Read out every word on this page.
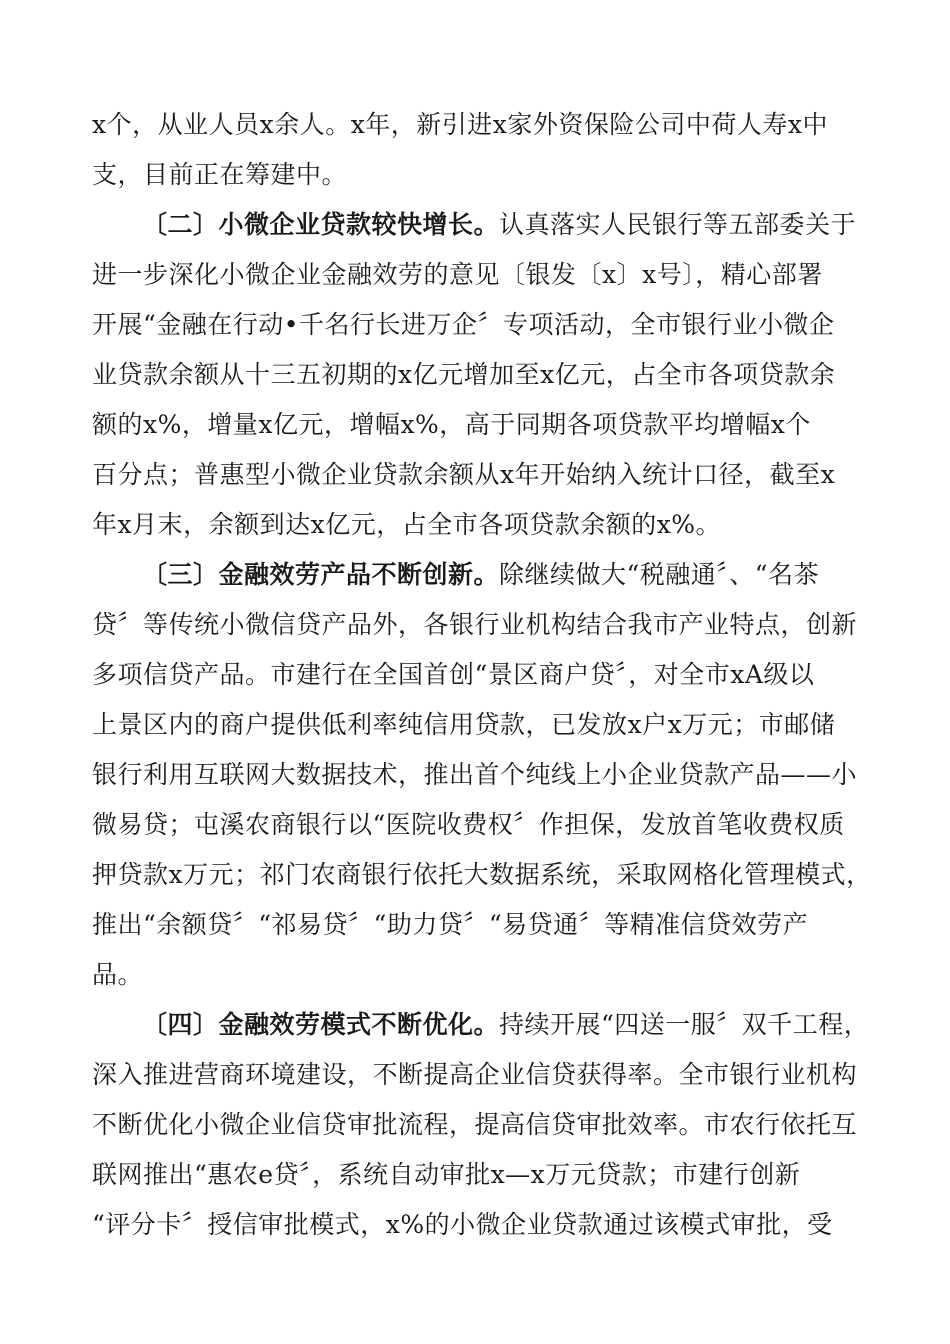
x个，从业人员x余人。x年，新引进x家外资保险公司中荷人寿x中
支，目前正在筹建中。
〔二〕小微企业贷款较快增长。认真落实人民银行等五部委关于
进一步深化小微企业金融效劳的意见〔银发〔x〕x号〕，精心部署
开展“金融在行动•千名行长进万企〞专项活动，全市银行业小微企
业贷款余额从十三五初期的x亿元增加至x亿元，占全市各项贷款余
额的x%，增量x亿元，增幅x%，高于同期各项贷款平均增幅x个
百分点；普惠型小微企业贷款余额从x年开始纳入统计口径，截至x
年x月末，余额到达x亿元，占全市各项贷款余额的x%。
〔三〕金融效劳产品不断创新。除继续做大“税融通〞、“名茶
贷〞等传统小微信贷产品外，各银行业机构结合我市产业特点，创新
多项信贷产品。市建行在全国首创“景区商户贷〞，对全市xA级以
上景区内的商户提供低利率纯信用贷款，已发放x户x万元；市邮储
银行利用互联网大数据技术，推出首个纯线上小企业贷款产品——小
微易贷；屯溪农商银行以“医院收费权〞作担保，发放首笔收费权质
押贷款x万元；祁门农商银行依托大数据系统，采取网格化管理模式，
推出“余额贷〞“祁易贷〞“助力贷〞“易贷通〞等精准信贷效劳产
品。
〔四〕金融效劳模式不断优化。持续开展“四送一服〞双千工程，
深入推进营商环境建设，不断提高企业信贷获得率。全市银行业机构
不断优化小微企业信贷审批流程，提高信贷审批效率。市农行依托互
联网推出“惠农e贷〞，系统自动审批x—x万元贷款；市建行创新
“评分卡〞授信审批模式，x%的小微企业贷款通过该模式审批，受
